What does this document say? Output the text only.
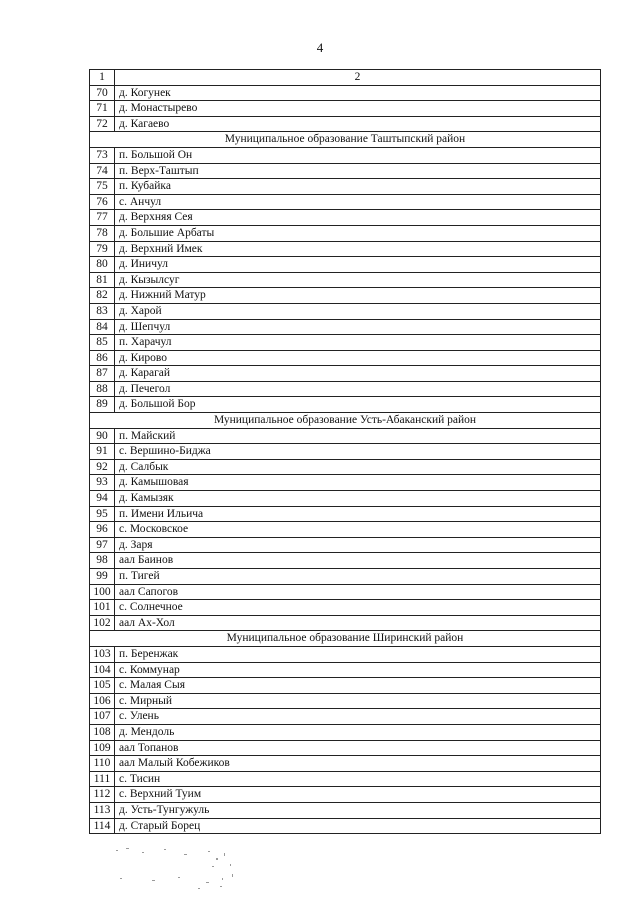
4
1	2
70	д. Когунек
71	д. Монастырево
72	д. Кагаево
Муниципальное образование Таштыпский район	
73	п. Большой Он
74	п. Верх-Таштып
75	п. Кубайка
76	с. Анчул
77	д. Верхняя Сея
78	д. Большие Арбаты
79	д. Верхний Имек
80	д. Иничул
81	д. Кызылсуг
82	д. Нижний Матур
83	д. Харой
84	д. Шепчул
85	п. Харачул
86	д. Кирово
87	д. Карагай
88	д. Печегол
89	д. Большой Бор
Муниципальное образование Усть-Абаканский район	
90	п. Майский
91	с. Вершино-Биджа
92	д. Салбык
93	д. Камышовая
94	д. Камызяк
95	п. Имени Ильича
96	с. Московское
97	д. Заря
98	аал Баинов
99	п. Тигей
100	аал Сапогов
101	с. Солнечное
102	аал Ах-Хол
Муниципальное образование Ширинский район	
103	п. Беренжак
104	с. Коммунар
105	с. Малая Сыя
106	с. Мирный
107	с. Улень
108	д. Мендоль
109	аал Топанов
110	аал Малый Кобежиков
111	с. Тисин
112	с. Верхний Туим
113	д. Усть-Тунгужуль
114	д. Старый Борец
